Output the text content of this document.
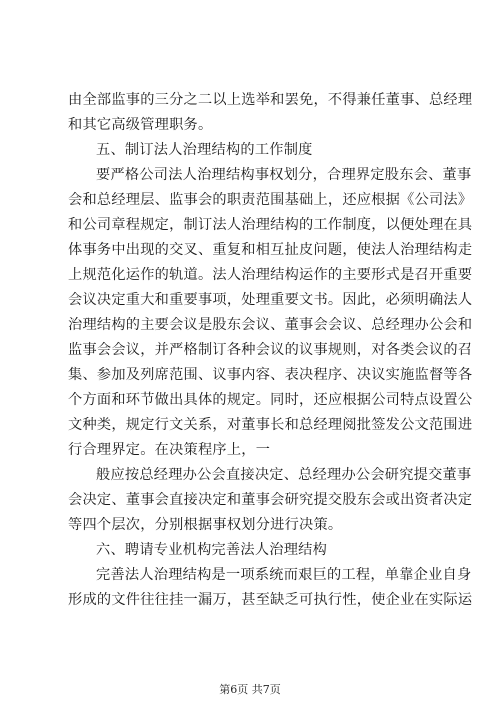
由全部监事的三分之二以上选举和罢免，不得兼任董事、总经理
和其它高级管理职务。
五、制订法人治理结构的工作制度
要严格公司法人治理结构事权划分，合理界定股东会、董事
会和总经理层、监事会的职责范围基础上，还应根据《公司法》
和公司章程规定，制订法人治理结构的工作制度，以便处理在具
体事务中出现的交叉、重复和相互扯皮问题，使法人治理结构走
上规范化运作的轨道。法人治理结构运作的主要形式是召开重要
会议决定重大和重要事项，处理重要文书。因此，必须明确法人
治理结构的主要会议是股东会议、董事会会议、总经理办公会和
监事会会议，并严格制订各种会议的议事规则，对各类会议的召
集、参加及列席范围、议事内容、表决程序、决议实施监督等各
个方面和环节做出具体的规定。同时，还应根据公司特点设置公
文种类，规定行文关系，对董事长和总经理阅批签发公文范围进
行合理界定。在决策程序上，一
般应按总经理办公会直接决定、总经理办公会研究提交董事
会决定、董事会直接决定和董事会研究提交股东会或出资者决定
等四个层次，分别根据事权划分进行决策。
六、聘请专业机构完善法人治理结构
完善法人治理结构是一项系统而艰巨的工程，单靠企业自身
形成的文件往往挂一漏万，甚至缺乏可执行性，使企业在实际运
第6页 共7页
